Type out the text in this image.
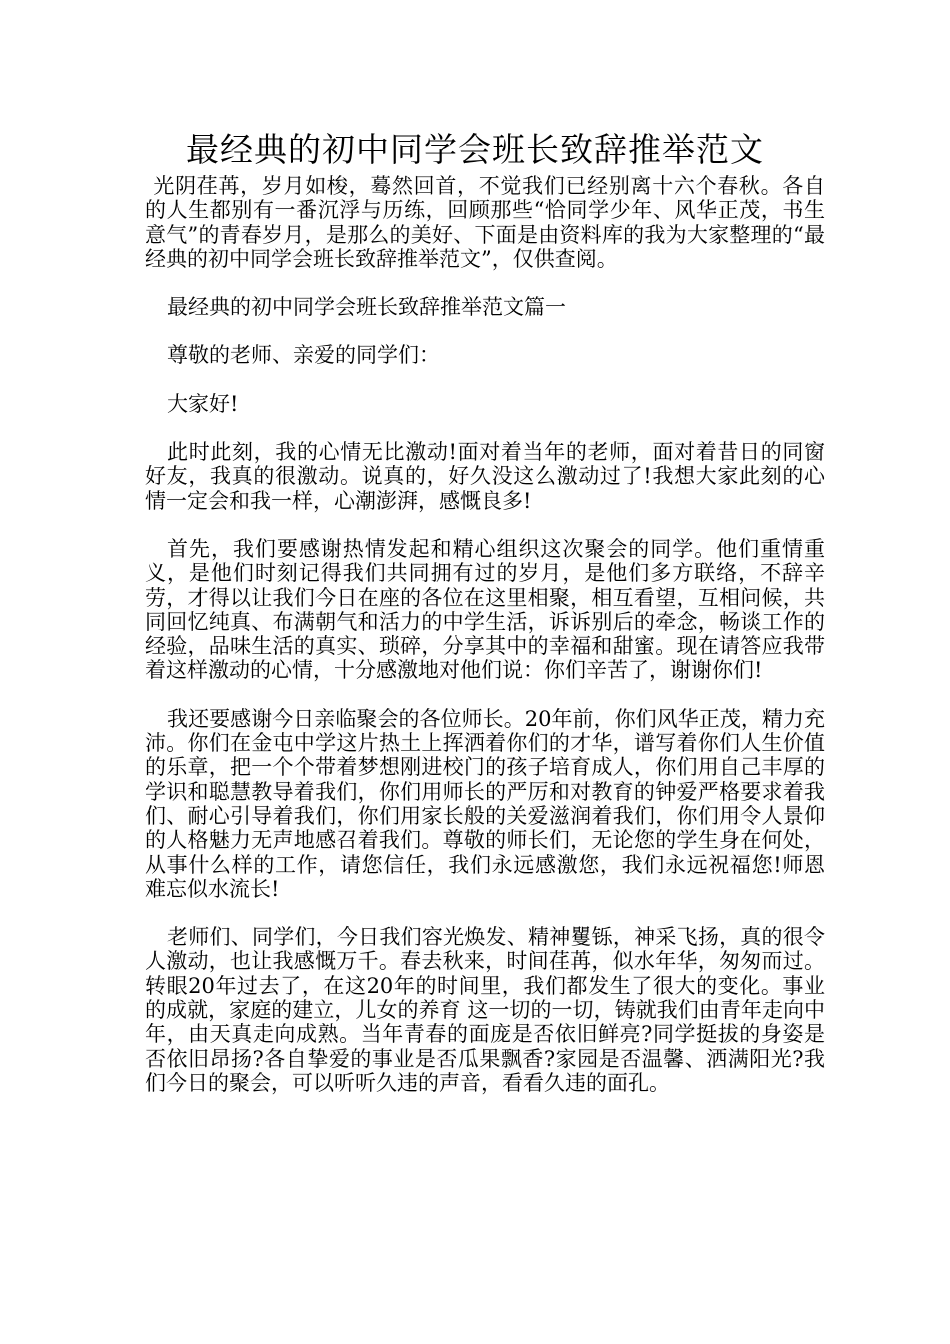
最经典的初中同学会班长致辞推举范文

光阴荏苒，岁月如梭，蓦然回首，不觉我们已经别离十六个春秋。各自的人生都别有一番沉浮与历练，回顾那些“恰同学少年、风华正茂，书生意气”的青春岁月，是那么的美好、下面是由资料库的我为大家整理的“最经典的初中同学会班长致辞推举范文”，仅供查阅。

最经典的初中同学会班长致辞推举范文篇一

尊敬的老师、亲爱的同学们：

大家好!

此时此刻，我的心情无比激动!面对着当年的老师，面对着昔日的同窗好友，我真的很激动。说真的，好久没这么激动过了!我想大家此刻的心情一定会和我一样，心潮澎湃，感慨良多!

首先，我们要感谢热情发起和精心组织这次聚会的同学。他们重情重义，是他们时刻记得我们共同拥有过的岁月，是他们多方联络，不辞辛劳，才得以让我们今日在座的各位在这里相聚，相互看望，互相问候，共同回忆纯真、布满朝气和活力的中学生活，诉诉别后的牵念，畅谈工作的经验，品味生活的真实、琐碎，分享其中的幸福和甜蜜。现在请答应我带着这样激动的心情，十分感激地对他们说：你们辛苦了，谢谢你们!

我还要感谢今日亲临聚会的各位师长。20年前，你们风华正茂，精力充沛。你们在金屯中学这片热土上挥洒着你们的才华，谱写着你们人生价值的乐章，把一个个带着梦想刚进校门的孩子培育成人，你们用自己丰厚的学识和聪慧教导着我们，你们用师长的严厉和对教育的钟爱严格要求着我们、耐心引导着我们，你们用家长般的关爱滋润着我们，你们用令人景仰的人格魅力无声地感召着我们。尊敬的师长们，无论您的学生身在何处，从事什么样的工作，请您信任，我们永远感激您，我们永远祝福您!师恩难忘似水流长!

老师们、同学们，今日我们容光焕发、精神矍铄，神采飞扬，真的很令人激动，也让我感慨万千。春去秋来，时间荏苒，似水年华，匆匆而过。转眼20年过去了，在这20年的时间里，我们都发生了很大的变化。事业的成就，家庭的建立，儿女的养育 这一切的一切，铸就我们由青年走向中年，由天真走向成熟。当年青春的面庞是否依旧鲜亮?同学挺拔的身姿是否依旧昂扬?各自挚爱的事业是否瓜果飘香?家园是否温馨、洒满阳光?我们今日的聚会，可以听听久违的声音，看看久违的面孔。
